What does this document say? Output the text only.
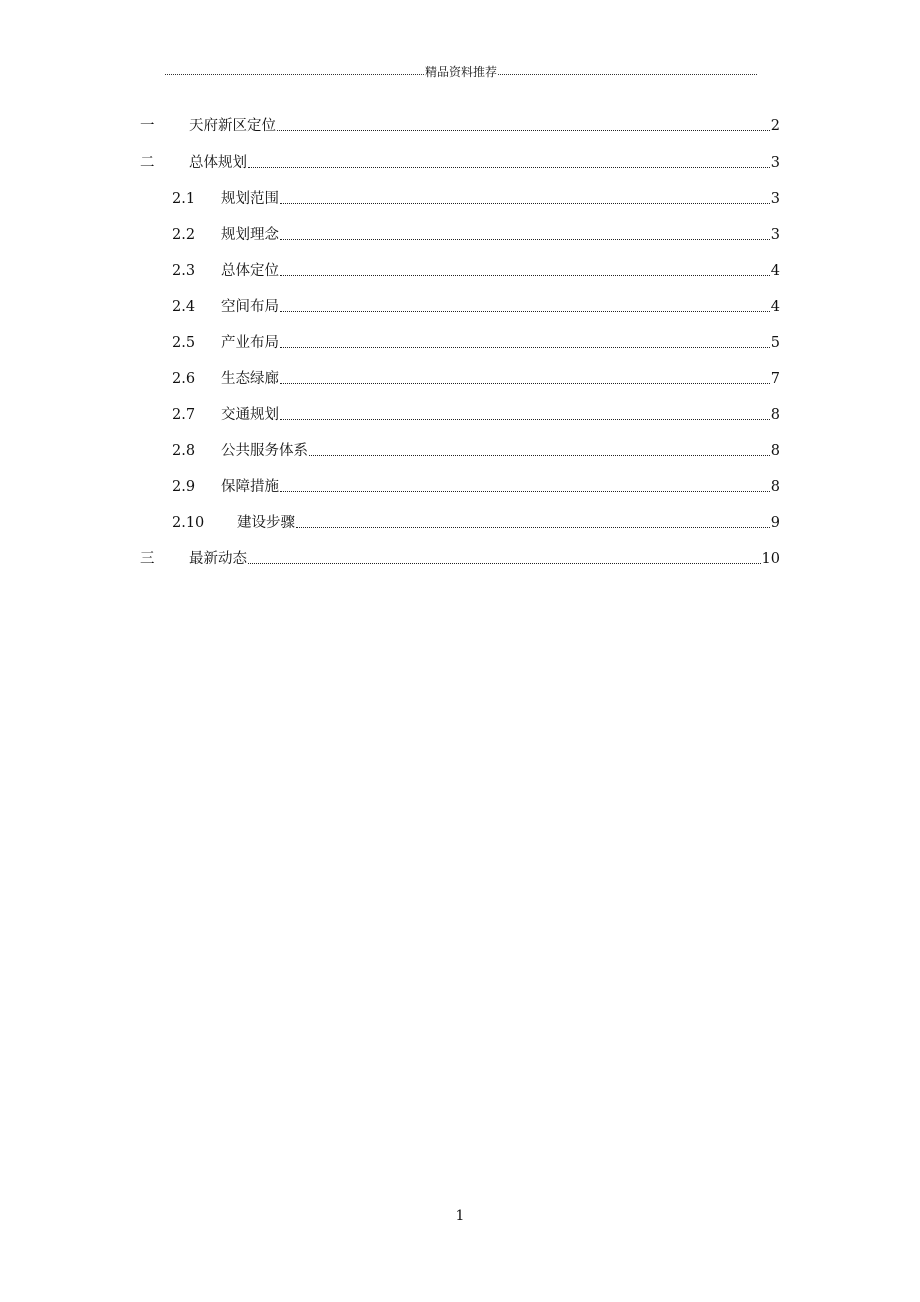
精品资料推荐
一	天府新区定位	2
二	总体规划	3
2.1	规划范围	3
2.2	规划理念	3
2.3	总体定位	4
2.4	空间布局	4
2.5	产业布局	5
2.6	生态绿廊	7
2.7	交通规划	8
2.8	公共服务体系	8
2.9	保障措施	8
2.10	建设步骤	9
三	最新动态	10
1
